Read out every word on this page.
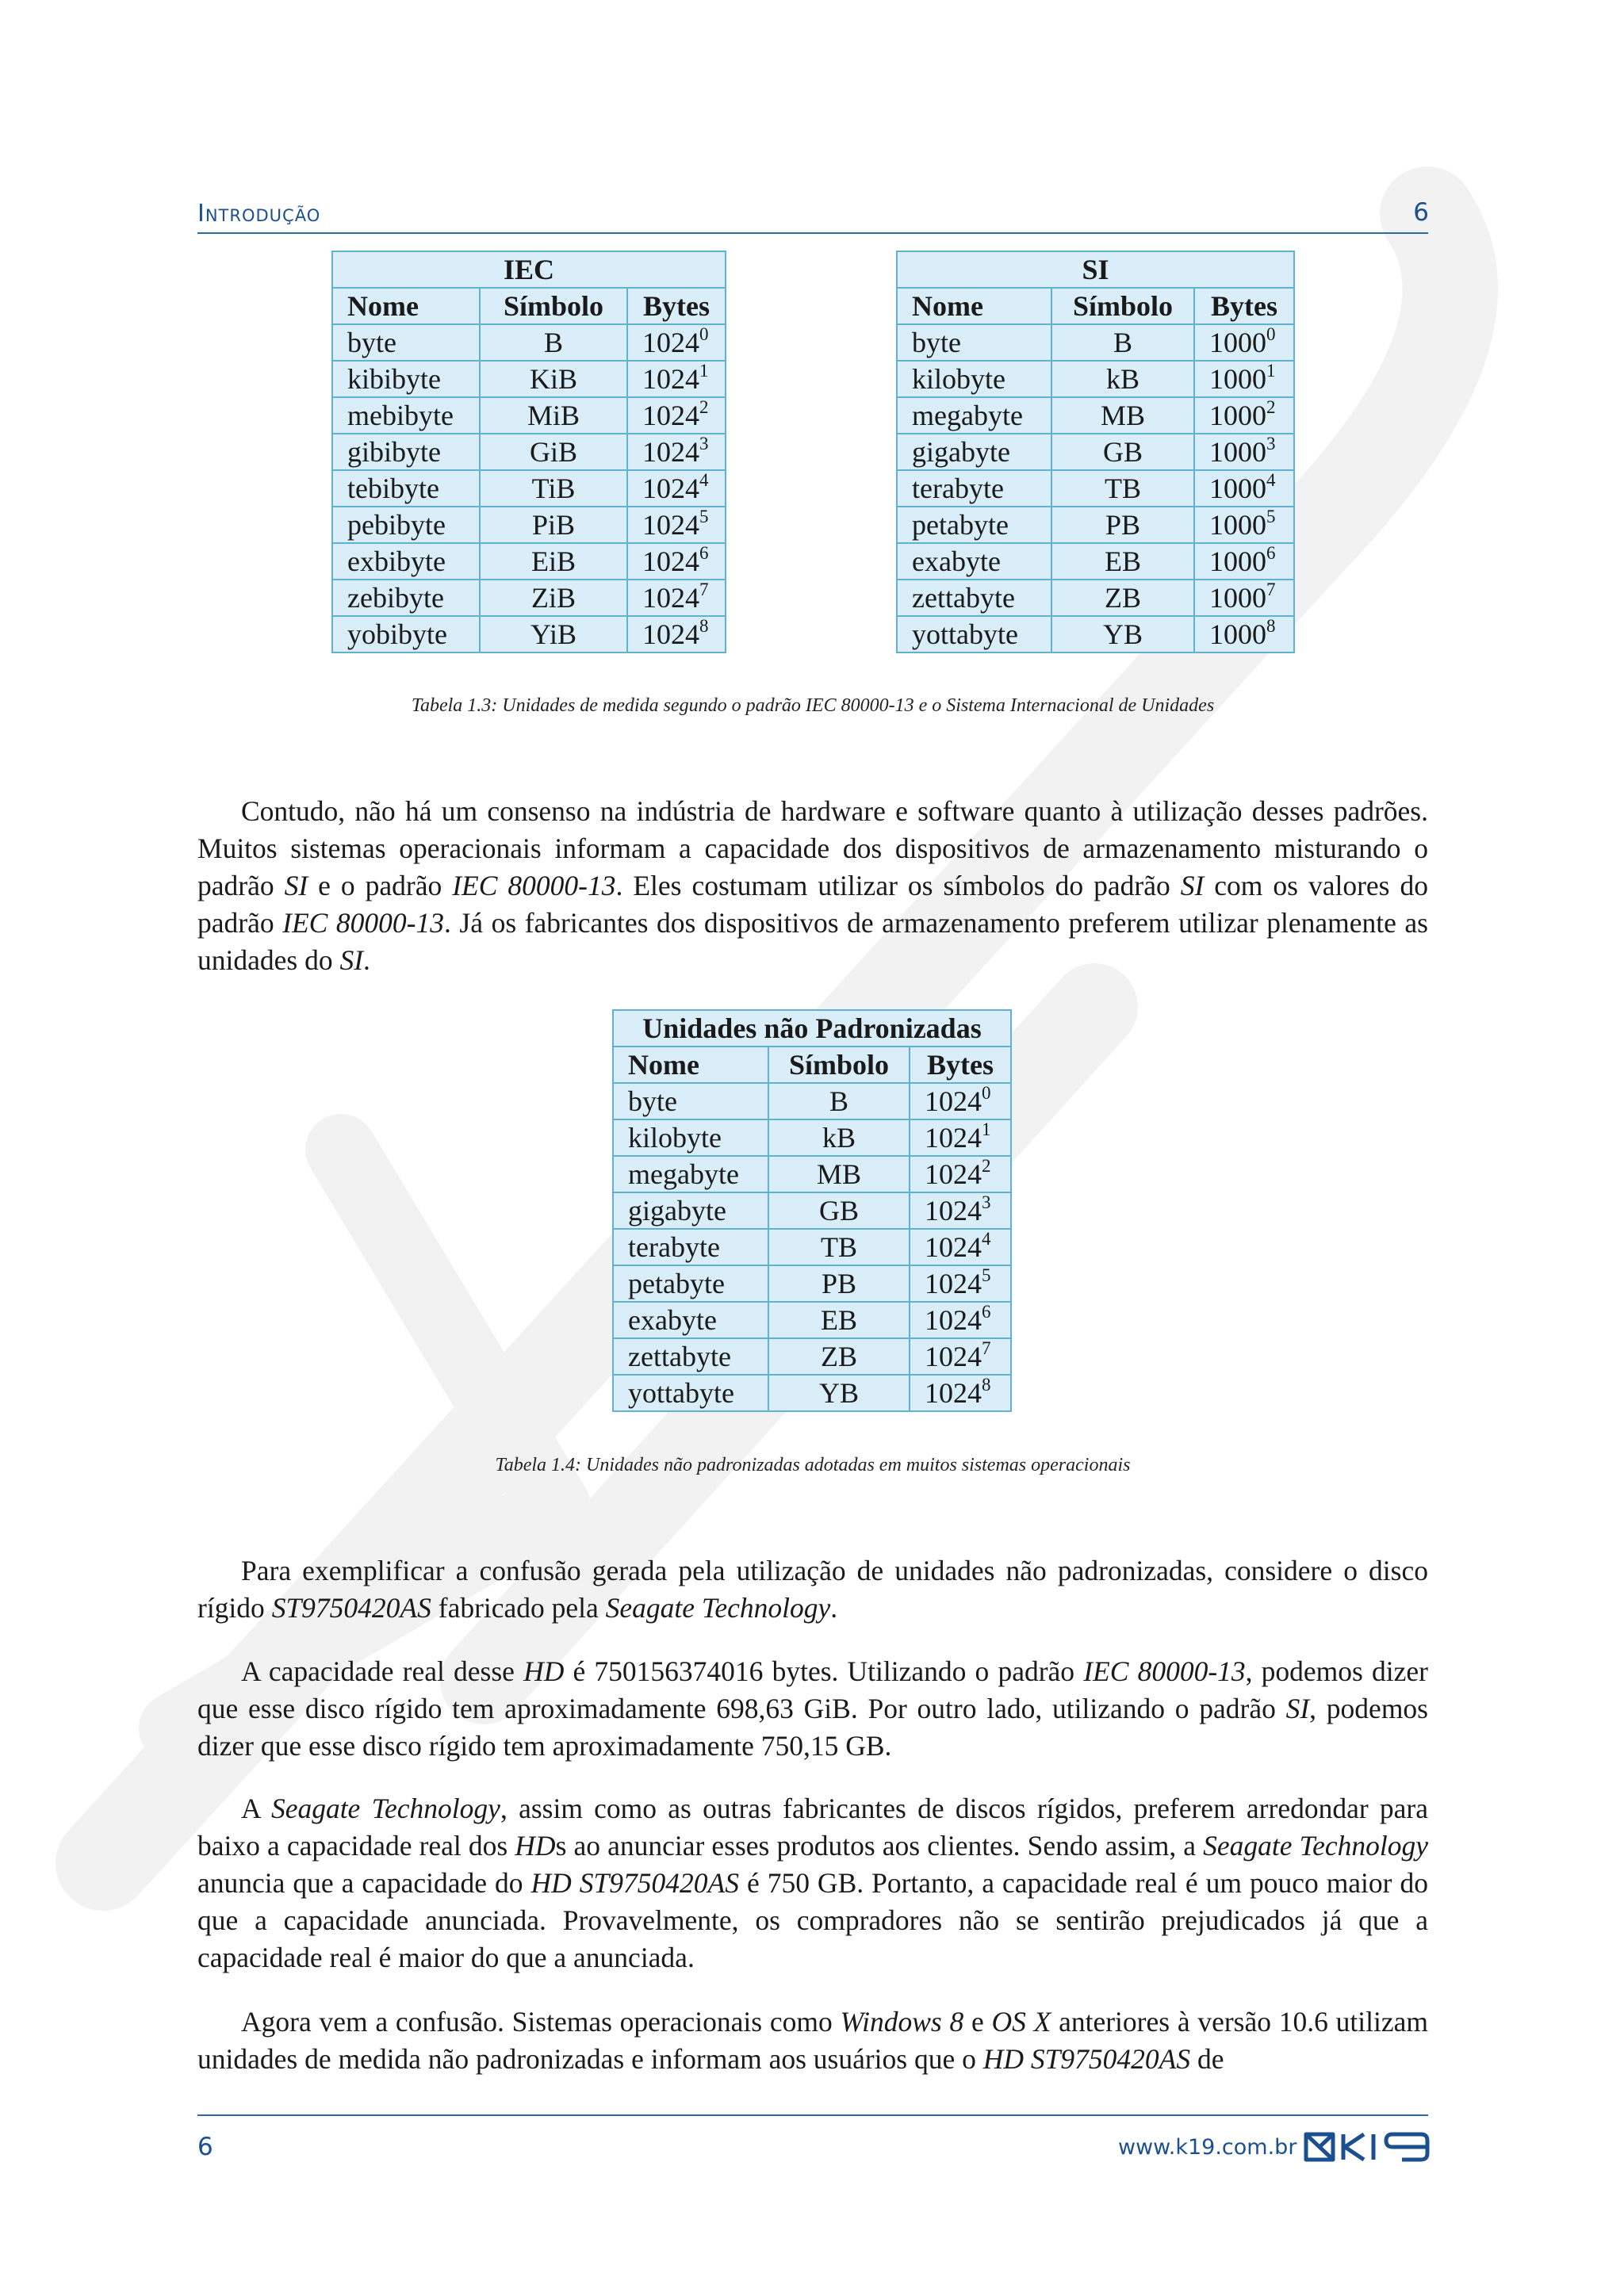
Introdução	6
IEC		
Nome	Símbolo	Bytes
byte	B	1024$^0$
kibibyte	KiB	1024$^1$
mebibyte	MiB	1024$^2$
gibibyte	GiB	1024$^3$
tebibyte	TiB	1024$^4$
pebibyte	PiB	1024$^5$
exbibyte	EiB	1024$^6$
zebibyte	ZiB	1024$^7$
yobibyte	YiB	1024$^8$
SI		
Nome	Símbolo	Bytes
byte	B	1000$^0$
kilobyte	kB	1000$^1$
megabyte	MB	1000$^2$
gigabyte	GB	1000$^3$
terabyte	TB	1000$^4$
petabyte	PB	1000$^5$
exabyte	EB	1000$^6$
zettabyte	ZB	1000$^7$
yottabyte	YB	1000$^8$
Tabela 1.3: Unidades de medida segundo o padrão IEC 80000-13 e o Sistema Internacional de Unidades
Contudo, não há um consenso na indústria de hardware e software quanto à utilização desses padrões. Muitos sistemas operacionais informam a capacidade dos dispositivos de armazenamento misturando o padrão SI e o padrão IEC 80000-13. Eles costumam utilizar os símbolos do padrão SI com os valores do padrão IEC 80000-13. Já os fabricantes dos dispositivos de armazenamento preferem utilizar plenamente as unidades do SI.
Unidades não Padronizadas		
Nome	Símbolo	Bytes
byte	B	1024$^0$
kilobyte	kB	1024$^1$
megabyte	MB	1024$^2$
gigabyte	GB	1024$^3$
terabyte	TB	1024$^4$
petabyte	PB	1024$^5$
exabyte	EB	1024$^6$
zettabyte	ZB	1024$^7$
yottabyte	YB	1024$^8$
Tabela 1.4: Unidades não padronizadas adotadas em muitos sistemas operacionais
Para exemplificar a confusão gerada pela utilização de unidades não padronizadas, considere o disco rígido ST9750420AS fabricado pela Seagate Technology.
A capacidade real desse HD é 750156374016 bytes. Utilizando o padrão IEC 80000-13, podemos dizer que esse disco rígido tem aproximadamente 698,63 GiB. Por outro lado, utilizando o padrão SI, podemos dizer que esse disco rígido tem aproximadamente 750,15 GB.
A Seagate Technology, assim como as outras fabricantes de discos rígidos, preferem arredondar para baixo a capacidade real dos HDs ao anunciar esses produtos aos clientes. Sendo assim, a Seagate Technology anuncia que a capacidade do HD ST9750420AS é 750 GB. Portanto, a capacidade real é um pouco maior do que a capacidade anunciada. Provavelmente, os compradores não se sentirão prejudicados já que a capacidade real é maior do que a anunciada.
Agora vem a confusão. Sistemas operacionais como Windows 8 e OS X anteriores à versão 10.6 utilizam unidades de medida não padronizadas e informam aos usuários que o HD ST9750420AS de
6	www.k19.com.br
